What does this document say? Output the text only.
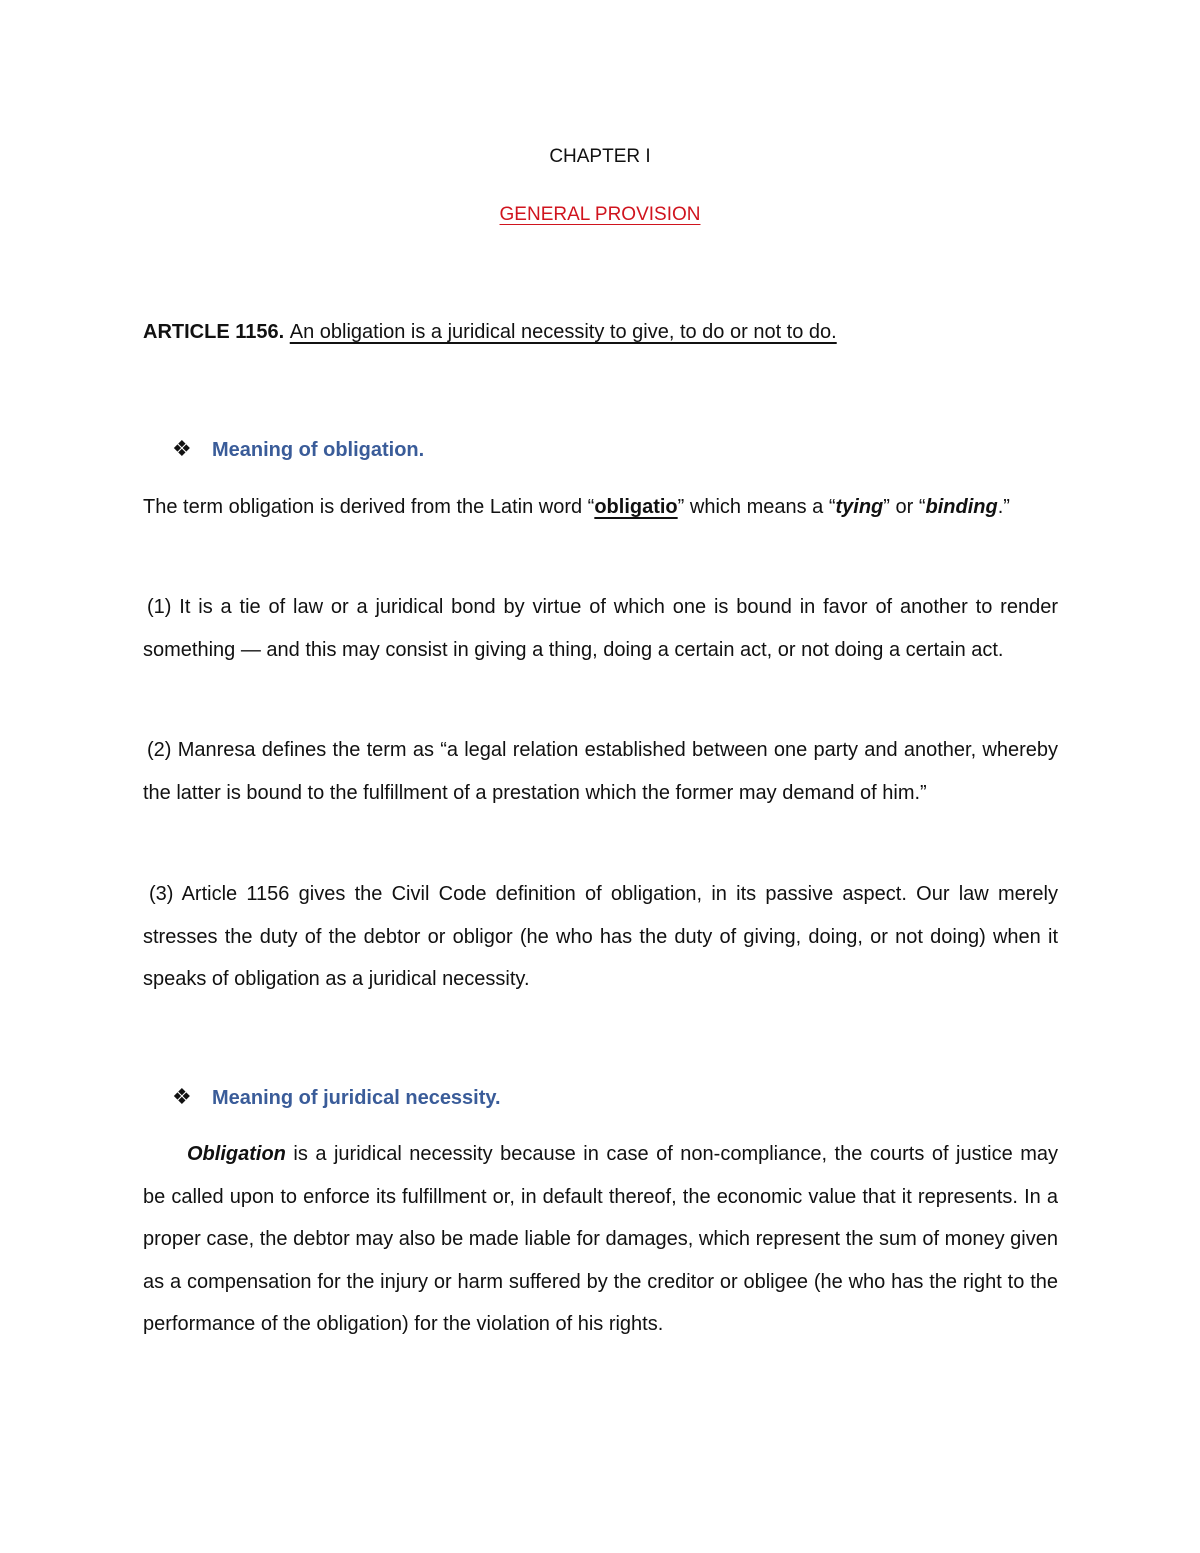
CHAPTER I
GENERAL PROVISION

ARTICLE 1156. An obligation is a juridical necessity to give, to do or not to do.

❖ Meaning of obligation.

The term obligation is derived from the Latin word “obligatio” which means a “tying” or “binding.”

(1) It is a tie of law or a juridical bond by virtue of which one is bound in favor of another to render something — and this may consist in giving a thing, doing a certain act, or not doing a certain act.

(2) Manresa defines the term as “a legal relation established between one party and another, whereby the latter is bound to the fulfillment of a prestation which the former may demand of him.”

(3) Article 1156 gives the Civil Code definition of obligation, in its passive aspect. Our law merely stresses the duty of the debtor or obligor (he who has the duty of giving, doing, or not doing) when it speaks of obligation as a juridical necessity.

❖ Meaning of juridical necessity.

Obligation is a juridical necessity because in case of non-compliance, the courts of justice may be called upon to enforce its fulfillment or, in default thereof, the economic value that it represents. In a proper case, the debtor may also be made liable for damages, which represent the sum of money given as a compensation for the injury or harm suffered by the creditor or obligee (he who has the right to the performance of the obligation) for the violation of his rights.
